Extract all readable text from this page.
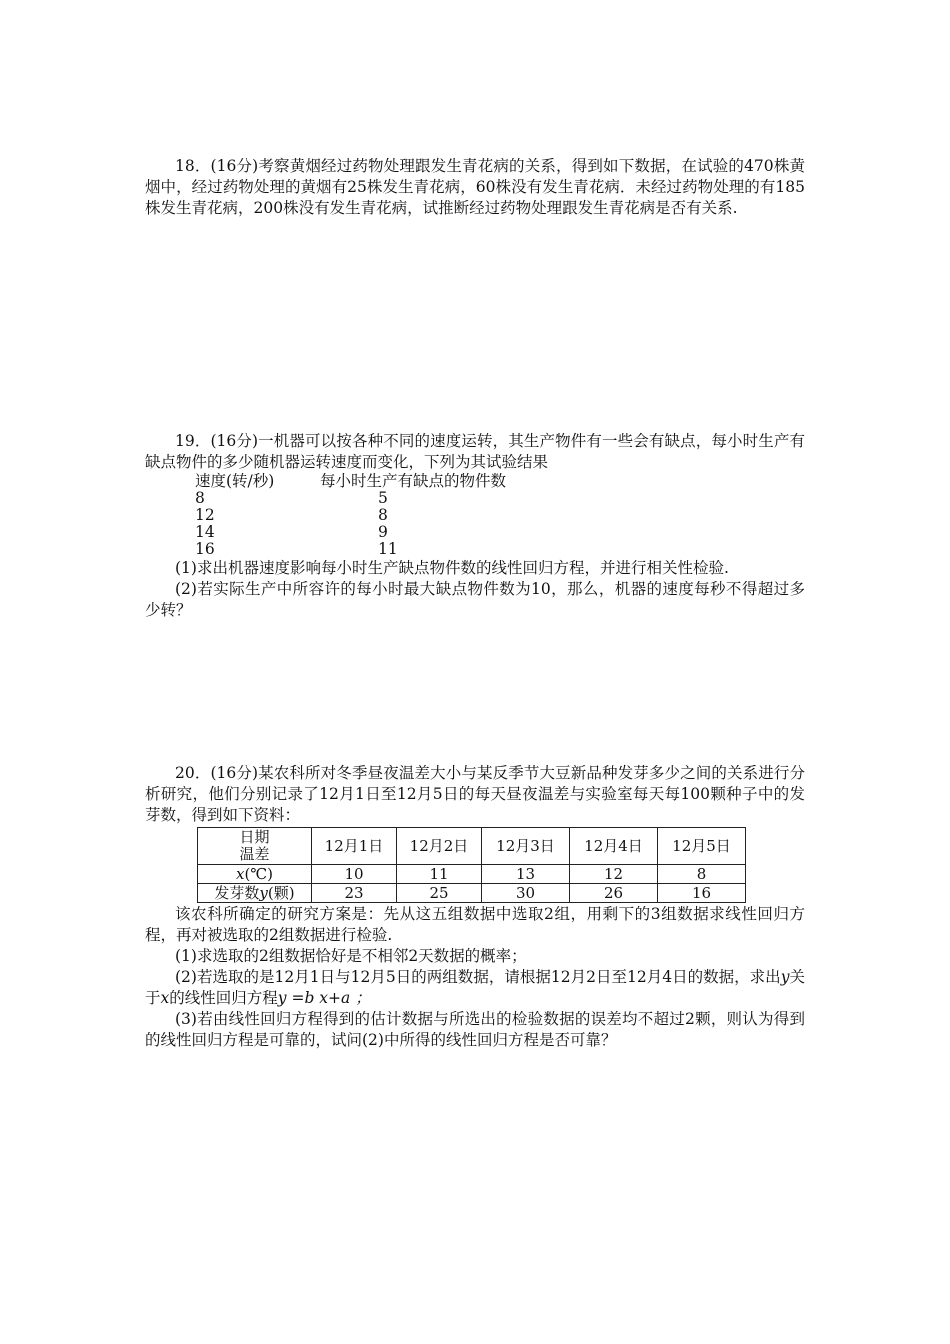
18．(16分)考察黄烟经过药物处理跟发生青花病的关系，得到如下数据，在试验的470株黄烟中，经过药物处理的黄烟有25株发生青花病，60株没有发生青花病．未经过药物处理的有185株发生青花病，200株没有发生青花病，试推断经过药物处理跟发生青花病是否有关系.

19．(16分)一机器可以按各种不同的速度运转，其生产物件有一些会有缺点，每小时生产有缺点物件的多少随机器运转速度而变化，下列为其试验结果

速度(转/秒)	每小时生产有缺点的物件数
8	5
12	8
14	9
16	11

(1)求出机器速度影响每小时生产缺点物件数的线性回归方程，并进行相关性检验.

(2)若实际生产中所容许的每小时最大缺点物件数为10，那么，机器的速度每秒不得超过多少转？

20．(16分)某农科所对冬季昼夜温差大小与某反季节大豆新品种发芽多少之间的关系进行分析研究，他们分别记录了12月1日至12月5日的每天昼夜温差与实验室每天每100颗种子中的发芽数，得到如下资料：

日期
温差	12月1日	12月2日	12月3日	12月4日	12月5日
x(℃)	10	11	13	12	8
发芽数y(颗)	23	25	30	26	16

该农科所确定的研究方案是：先从这五组数据中选取2组，用剩下的3组数据求线性回归方程，再对被选取的2组数据进行检验.

(1)求选取的2组数据恰好是不相邻2天数据的概率；

(2)若选取的是12月1日与12月5日的两组数据，请根据12月2日至12月4日的数据，求出y关于x的线性回归方程y =b x+a ；

(3)若由线性回归方程得到的估计数据与所选出的检验数据的误差均不超过2颗，则认为得到的线性回归方程是可靠的，试问(2)中所得的线性回归方程是否可靠？
